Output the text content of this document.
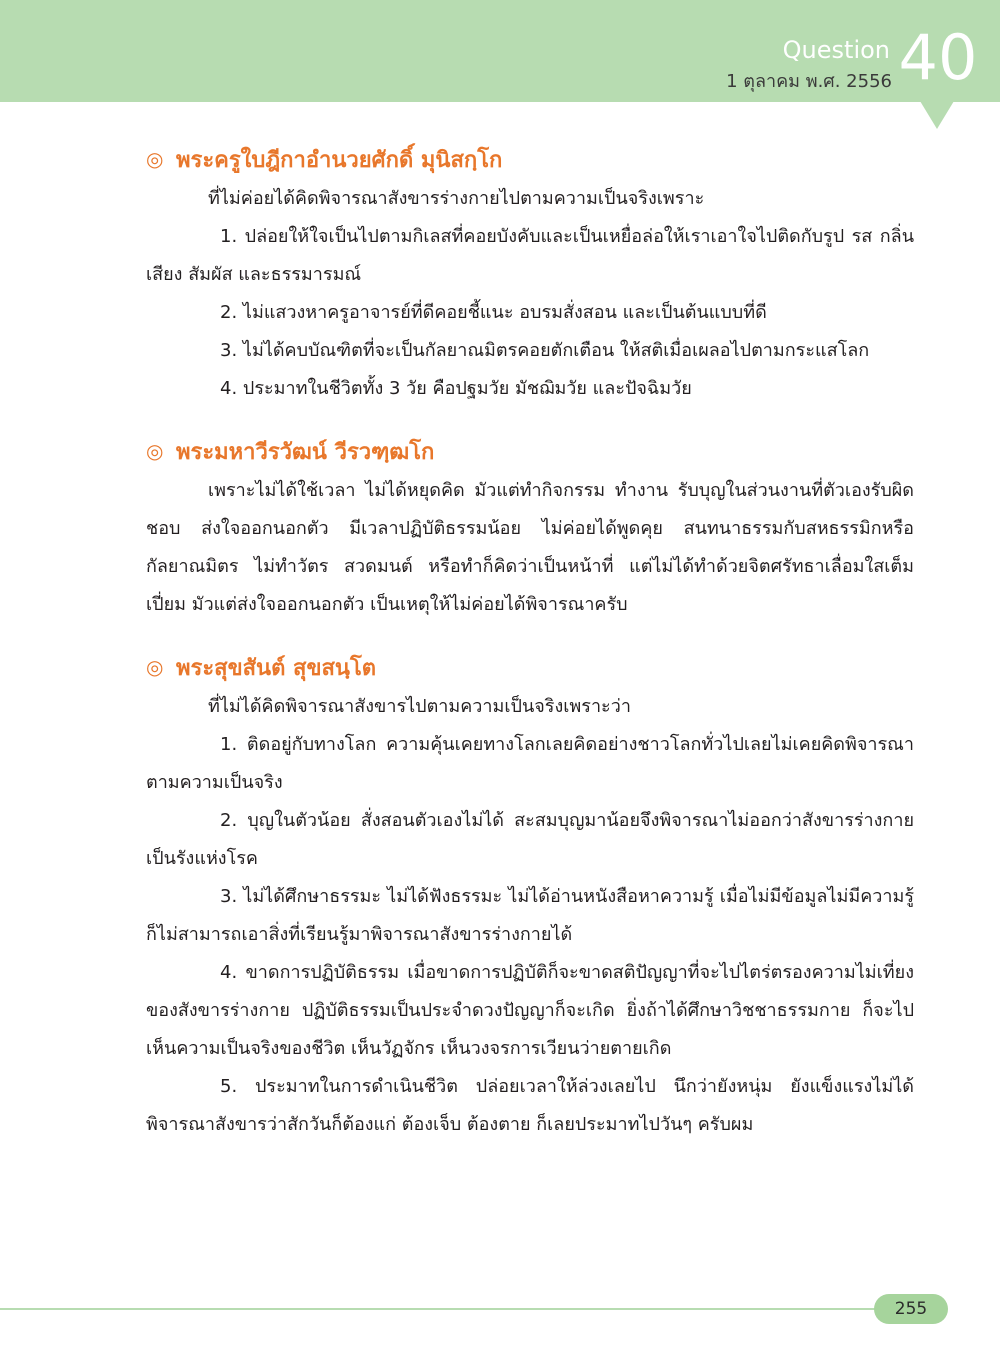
Question
1 ตุลาคม พ.ศ. 2556 40
◎ พระครูใบฎีกาอำนวยศักดิ์ มุนิสกฺโก

ที่ไม่ค่อยได้คิดพิจารณาสังขารร่างกายไปตามความเป็นจริงเพราะ

1. ปล่อยให้ใจเป็นไปตามกิเลสที่คอยบังคับและเป็นเหยื่อล่อให้เราเอาใจไปติดกับรูป รส กลิ่น เสียง สัมผัส และธรรมารมณ์

2. ไม่แสวงหาครูอาจารย์ที่ดีคอยชี้แนะ อบรมสั่งสอน และเป็นต้นแบบที่ดี

3. ไม่ได้คบบัณฑิตที่จะเป็นกัลยาณมิตรคอยตักเตือน ให้สติเมื่อเผลอไปตามกระแสโลก

4. ประมาทในชีวิตทั้ง 3 วัย คือปฐมวัย มัชฌิมวัย และปัจฉิมวัย

◎ พระมหาวีรวัฒน์ วีรวฑฺฒโก

เพราะไม่ได้ใช้เวลา ไม่ได้หยุดคิด มัวแต่ทำกิจกรรม ทำงาน รับบุญในส่วนงานที่ตัวเองรับผิดชอบ ส่งใจออกนอกตัว มีเวลาปฏิบัติธรรมน้อย ไม่ค่อยได้พูดคุย สนทนาธรรมกับสหธรรมิกหรือกัลยาณมิตร ไม่ทำวัตร สวดมนต์ หรือทำก็คิดว่าเป็นหน้าที่ แต่ไม่ได้ทำด้วยจิตศรัทธาเลื่อมใสเต็มเปี่ยม มัวแต่ส่งใจออกนอกตัว เป็นเหตุให้ไม่ค่อยได้พิจารณาครับ

◎ พระสุขสันต์ สุขสนฺโต

ที่ไม่ได้คิดพิจารณาสังขารไปตามความเป็นจริงเพราะว่า

1. ติดอยู่กับทางโลก ความคุ้นเคยทางโลกเลยคิดอย่างชาวโลกทั่วไปเลยไม่เคยคิดพิจารณาตามความเป็นจริง

2. บุญในตัวน้อย สั่งสอนตัวเองไม่ได้ สะสมบุญมาน้อยจึงพิจารณาไม่ออกว่าสังขารร่างกายเป็นรังแห่งโรค

3. ไม่ได้ศึกษาธรรมะ ไม่ได้ฟังธรรมะ ไม่ได้อ่านหนังสือหาความรู้ เมื่อไม่มีข้อมูลไม่มีความรู้ก็ไม่สามารถเอาสิ่งที่เรียนรู้มาพิจารณาสังขารร่างกายได้

4. ขาดการปฏิบัติธรรม เมื่อขาดการปฏิบัติก็จะขาดสติปัญญาที่จะไปไตร่ตรองความไม่เที่ยงของสังขารร่างกาย ปฏิบัติธรรมเป็นประจำดวงปัญญาก็จะเกิด ยิ่งถ้าได้ศึกษาวิชชาธรรมกาย ก็จะไปเห็นความเป็นจริงของชีวิต เห็นวัฏจักร เห็นวงจรการเวียนว่ายตายเกิด

5. ประมาทในการดำเนินชีวิต ปล่อยเวลาให้ล่วงเลยไป นึกว่ายังหนุ่ม ยังแข็งแรงไม่ได้พิจารณาสังขารว่าสักวันก็ต้องแก่ ต้องเจ็บ ต้องตาย ก็เลยประมาทไปวันๆ ครับผม

255
